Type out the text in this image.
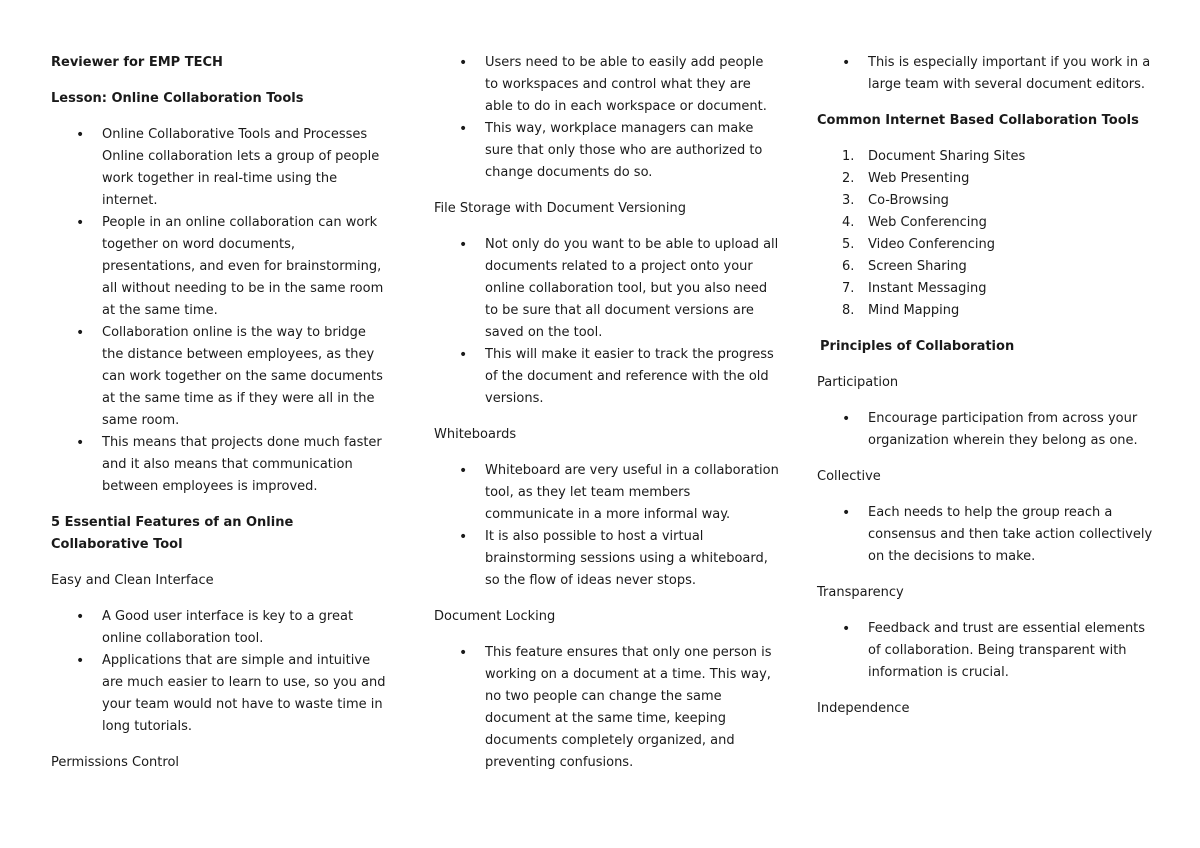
Reviewer for EMP TECH

Lesson: Online Collaboration Tools

• Online Collaborative Tools and Processes Online collaboration lets a group of people work together in real-time using the internet.
• People in an online collaboration can work together on word documents, presentations, and even for brainstorming, all without needing to be in the same room at the same time.
• Collaboration online is the way to bridge the distance between employees, as they can work together on the same documents at the same time as if they were all in the same room.
• This means that projects done much faster and it also means that communication between employees is improved.

5 Essential Features of an Online Collaborative Tool

Easy and Clean Interface

• A Good user interface is key to a great online collaboration tool.
• Applications that are simple and intuitive are much easier to learn to use, so you and your team would not have to waste time in long tutorials.

Permissions Control

• Users need to be able to easily add people to workspaces and control what they are able to do in each workspace or document.
• This way, workplace managers can make sure that only those who are authorized to change documents do so.

File Storage with Document Versioning

• Not only do you want to be able to upload all documents related to a project onto your online collaboration tool, but you also need to be sure that all document versions are saved on the tool.
• This will make it easier to track the progress of the document and reference with the old versions.

Whiteboards

• Whiteboard are very useful in a collaboration tool, as they let team members communicate in a more informal way.
• It is also possible to host a virtual brainstorming sessions using a whiteboard, so the flow of ideas never stops.

Document Locking

• This feature ensures that only one person is working on a document at a time. This way, no two people can change the same document at the same time, keeping documents completely organized, and preventing confusions.
• This is especially important if you work in a large team with several document editors.

Common Internet Based Collaboration Tools

1. Document Sharing Sites
2. Web Presenting
3. Co-Browsing
4. Web Conferencing
5. Video Conferencing
6. Screen Sharing
7. Instant Messaging
8. Mind Mapping

Principles of Collaboration

Participation

• Encourage participation from across your organization wherein they belong as one.

Collective

• Each needs to help the group reach a consensus and then take action collectively on the decisions to make.

Transparency

• Feedback and trust are essential elements of collaboration. Being transparent with information is crucial.

Independence
